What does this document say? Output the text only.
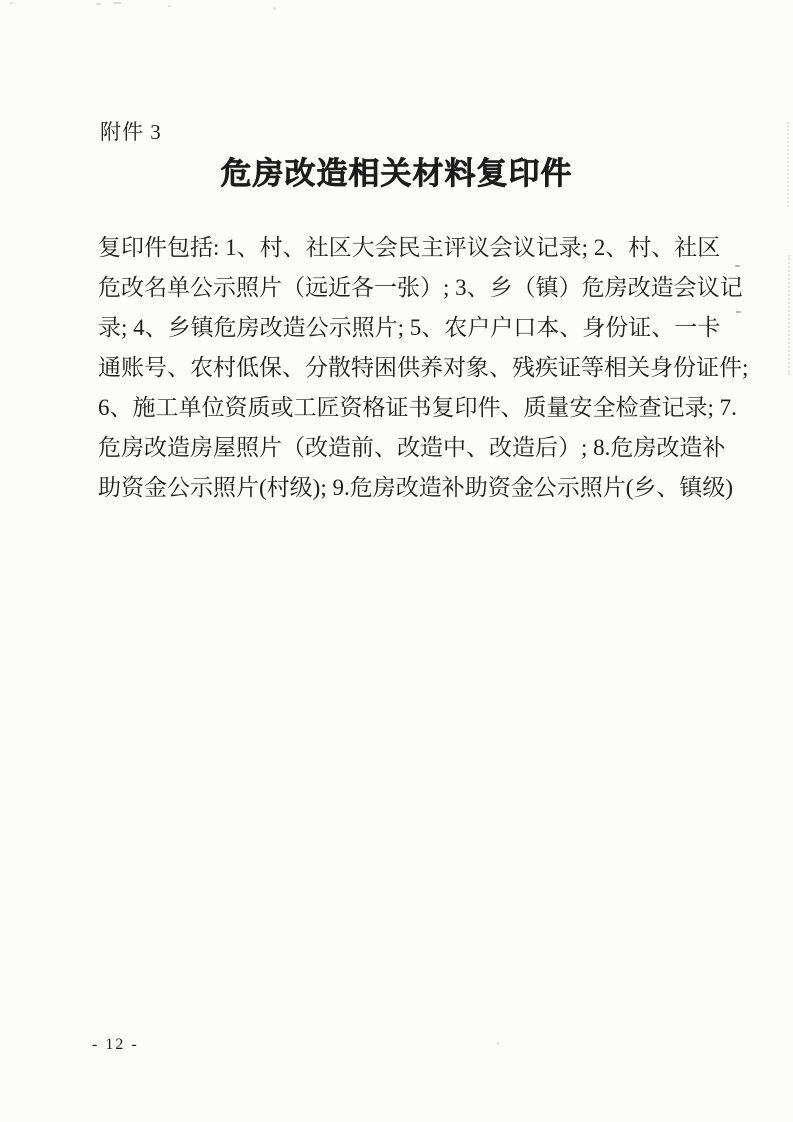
附件 3
危房改造相关材料复印件
复印件包括: 1、村、社区大会民主评议会议记录; 2、村、社区
危改名单公示照片（远近各一张）; 3、乡（镇）危房改造会议记
录; 4、乡镇危房改造公示照片; 5、农户户口本、身份证、一卡
通账号、农村低保、分散特困供养对象、残疾证等相关身份证件;
6、施工单位资质或工匠资格证书复印件、质量安全检查记录; 7.
危房改造房屋照片（改造前、改造中、改造后）; 8.危房改造补
助资金公示照片(村级); 9.危房改造补助资金公示照片(乡、镇级)
- 12 -
